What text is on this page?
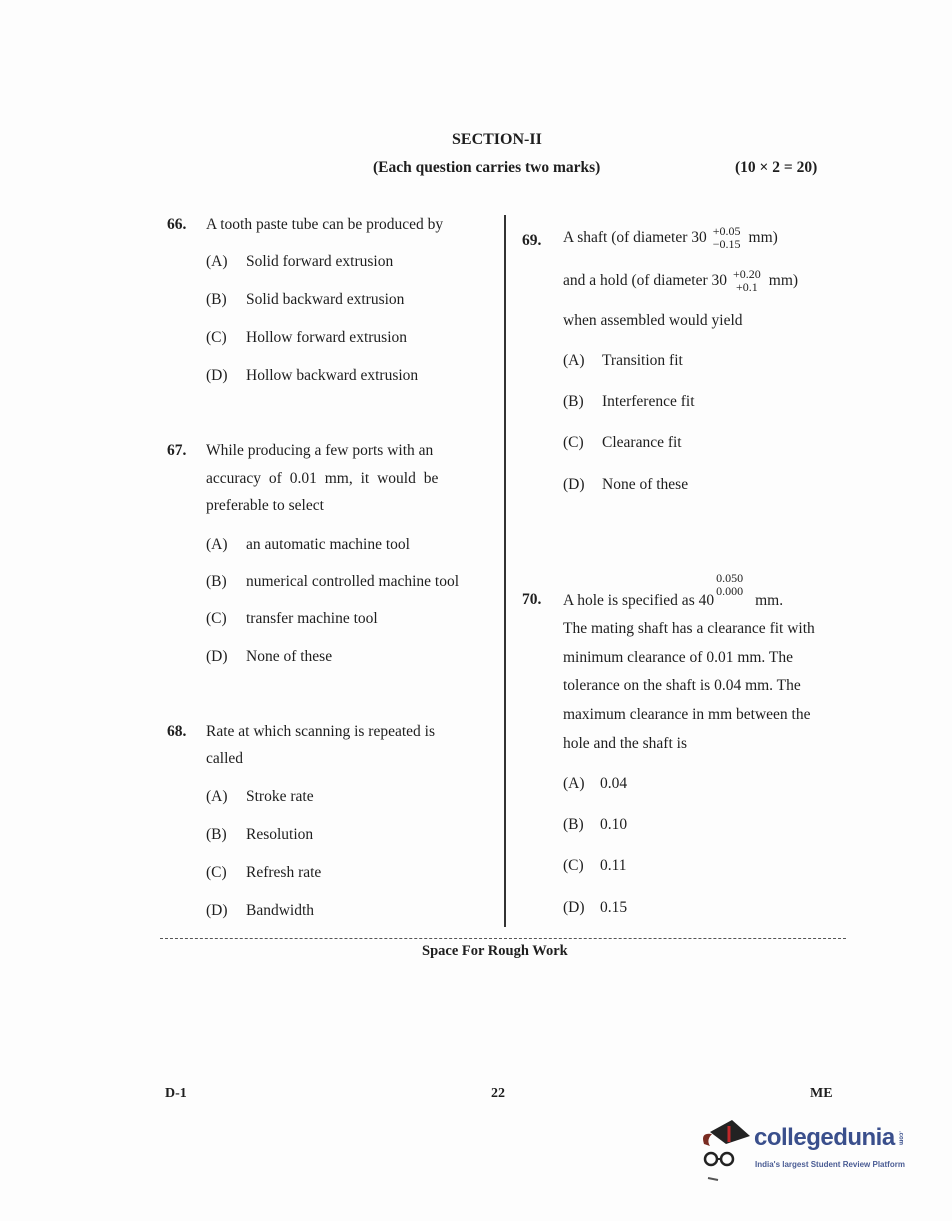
SECTION-II
(Each question carries two marks)	(10 × 2 = 20)
66. A tooth paste tube can be produced by
(A) Solid forward extrusion
(B) Solid backward extrusion
(C) Hollow forward extrusion
(D) Hollow backward extrusion
67. While producing a few ports with an
accuracy of 0.01 mm, it would be
preferable to select
(A) an automatic machine tool
(B) numerical controlled machine tool
(C) transfer machine tool
(D) None of these
68. Rate at which scanning is repeated is
called
(A) Stroke rate
(B) Resolution
(C) Refresh rate
(D) Bandwidth
69. A shaft (of diameter 30 +0.05
−0.15 mm)
and a hold (of diameter 30 +0.20
+0.1 mm)
when assembled would yield
(A) Transition fit
(B) Interference fit
(C) Clearance fit
(D) None of these
70. A hole is specified as 40
0.050
0.000
mm.
The mating shaft has a clearance fit with
minimum clearance of 0.01 mm. The
tolerance on the shaft is 0.04 mm. The
maximum clearance in mm between the
hole and the shaft is
(A) 0.04
(B) 0.10
(C) 0.11
(D) 0.15
Space For Rough Work
D-1	22	ME
collegedunia .com
India's largest Student Review Platform
